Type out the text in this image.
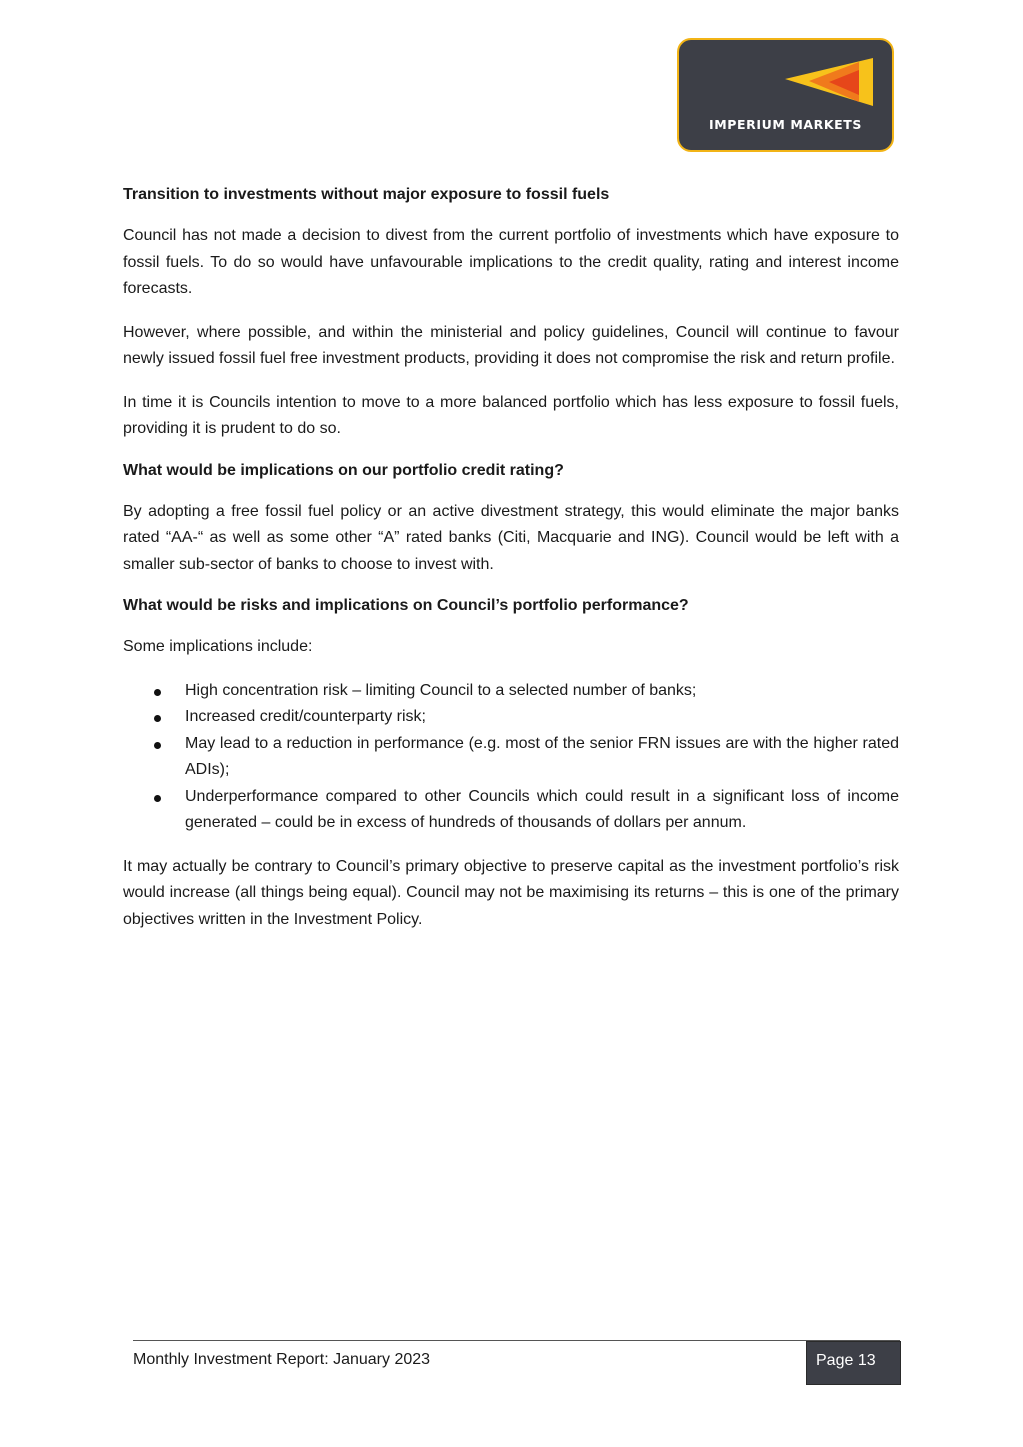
IMPERIUM MARKETS
Transition to investments without major exposure to fossil fuels

Council has not made a decision to divest from the current portfolio of investments which have exposure to fossil fuels. To do so would have unfavourable implications to the credit quality, rating and interest income forecasts.

However, where possible, and within the ministerial and policy guidelines, Council will continue to favour newly issued fossil fuel free investment products, providing it does not compromise the risk and return profile.

In time it is Councils intention to move to a more balanced portfolio which has less exposure to fossil fuels, providing it is prudent to do so.

What would be implications on our portfolio credit rating?

By adopting a free fossil fuel policy or an active divestment strategy, this would eliminate the major banks rated “AA-“ as well as some other “A” rated banks (Citi, Macquarie and ING). Council would be left with a smaller sub-sector of banks to choose to invest with.

What would be risks and implications on Council’s portfolio performance?

Some implications include:

High concentration risk – limiting Council to a selected number of banks;
Increased credit/counterparty risk;
May lead to a reduction in performance (e.g. most of the senior FRN issues are with the higher rated ADIs);
Underperformance compared to other Councils which could result in a significant loss of income generated – could be in excess of hundreds of thousands of dollars per annum.

It may actually be contrary to Council’s primary objective to preserve capital as the investment portfolio’s risk would increase (all things being equal). Council may not be maximising its returns – this is one of the primary objectives written in the Investment Policy.

Monthly Investment Report: January 2023	Page 13
